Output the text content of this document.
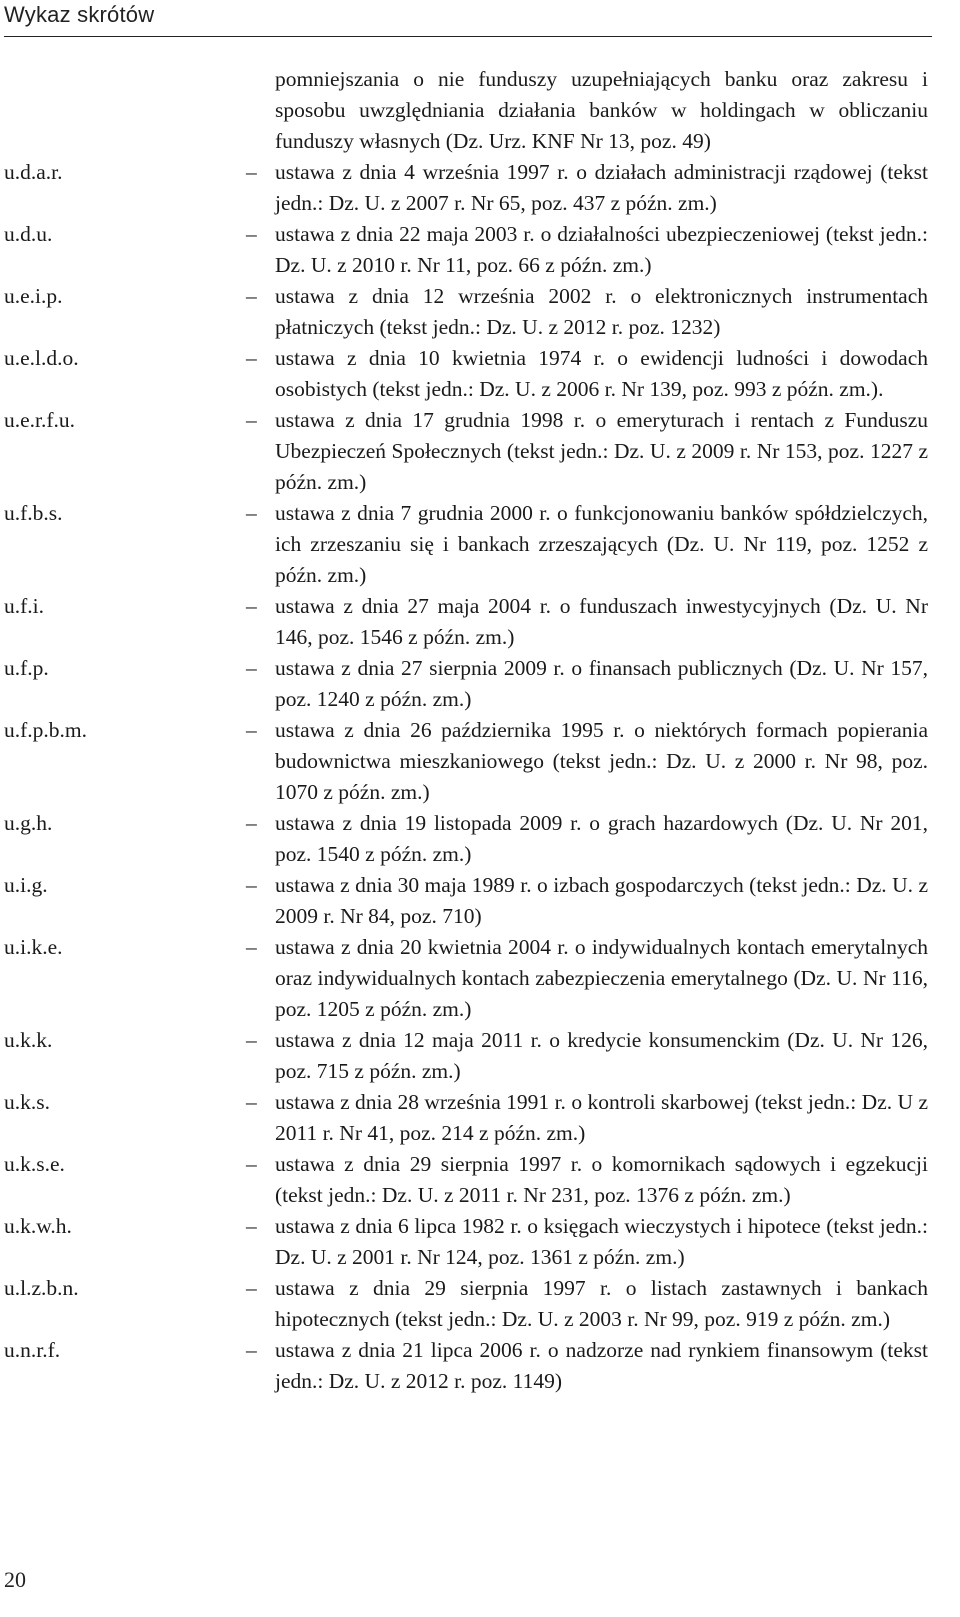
Wykaz skrótów
pomniejszania o nie funduszy uzupełniających banku oraz zakresu i sposobu uwzględniania działania banków w holdingach w obliczaniu funduszy własnych (Dz. Urz. KNF Nr 13, poz. 49)
u.d.a.r.	– ustawa z dnia 4 września 1997 r. o działach administracji rządowej (tekst jedn.: Dz. U. z 2007 r. Nr 65, poz. 437 z późn. zm.)
u.d.u.	– ustawa z dnia 22 maja 2003 r. o działalności ubezpieczeniowej (tekst jedn.: Dz. U. z 2010 r. Nr 11, poz. 66 z późn. zm.)
u.e.i.p.	– ustawa z dnia 12 września 2002 r. o elektronicznych instrumentach płatniczych (tekst jedn.: Dz. U. z 2012 r. poz. 1232)
u.e.l.d.o.	– ustawa z dnia 10 kwietnia 1974 r. o ewidencji ludności i dowodach osobistych (tekst jedn.: Dz. U. z 2006 r. Nr 139, poz. 993 z późn. zm.).
u.e.r.f.u.	– ustawa z dnia 17 grudnia 1998 r. o emeryturach i rentach z Funduszu Ubezpieczeń Społecznych (tekst jedn.: Dz. U. z 2009 r. Nr 153, poz. 1227 z późn. zm.)
u.f.b.s.	– ustawa z dnia 7 grudnia 2000 r. o funkcjonowaniu banków spółdzielczych, ich zrzeszaniu się i bankach zrzeszających (Dz. U. Nr 119, poz. 1252 z późn. zm.)
u.f.i.	– ustawa z dnia 27 maja 2004 r. o funduszach inwestycyjnych (Dz. U. Nr 146, poz. 1546 z późn. zm.)
u.f.p.	– ustawa z dnia 27 sierpnia 2009 r. o finansach publicznych (Dz. U. Nr 157, poz. 1240 z późn. zm.)
u.f.p.b.m.	– ustawa z dnia 26 października 1995 r. o niektórych formach popierania budownictwa mieszkaniowego (tekst jedn.: Dz. U. z 2000 r. Nr 98, poz. 1070 z późn. zm.)
u.g.h.	– ustawa z dnia 19 listopada 2009 r. o grach hazardowych (Dz. U. Nr 201, poz. 1540 z późn. zm.)
u.i.g.	– ustawa z dnia 30 maja 1989 r. o izbach gospodarczych (tekst jedn.: Dz. U. z 2009 r. Nr 84, poz. 710)
u.i.k.e.	– ustawa z dnia 20 kwietnia 2004 r. o indywidualnych kontach emerytalnych oraz indywidualnych kontach zabezpieczenia emerytalnego (Dz. U. Nr 116, poz. 1205 z późn. zm.)
u.k.k.	– ustawa z dnia 12 maja 2011 r. o kredycie konsumenckim (Dz. U. Nr 126, poz. 715 z późn. zm.)
u.k.s.	– ustawa z dnia 28 września 1991 r. o kontroli skarbowej (tekst jedn.: Dz. U z 2011 r. Nr 41, poz. 214 z późn. zm.)
u.k.s.e.	– ustawa z dnia 29 sierpnia 1997 r. o komornikach sądowych i egzekucji (tekst jedn.: Dz. U. z 2011 r. Nr 231, poz. 1376 z późn. zm.)
u.k.w.h.	– ustawa z dnia 6 lipca 1982 r. o księgach wieczystych i hipotece (tekst jedn.: Dz. U. z 2001 r. Nr 124, poz. 1361 z późn. zm.)
u.l.z.b.n.	– ustawa z dnia 29 sierpnia 1997 r. o listach zastawnych i bankach hipotecznych (tekst jedn.: Dz. U. z 2003 r. Nr 99, poz. 919 z późn. zm.)
u.n.r.f.	– ustawa z dnia 21 lipca 2006 r. o nadzorze nad rynkiem finansowym (tekst jedn.: Dz. U. z 2012 r. poz. 1149)
20
